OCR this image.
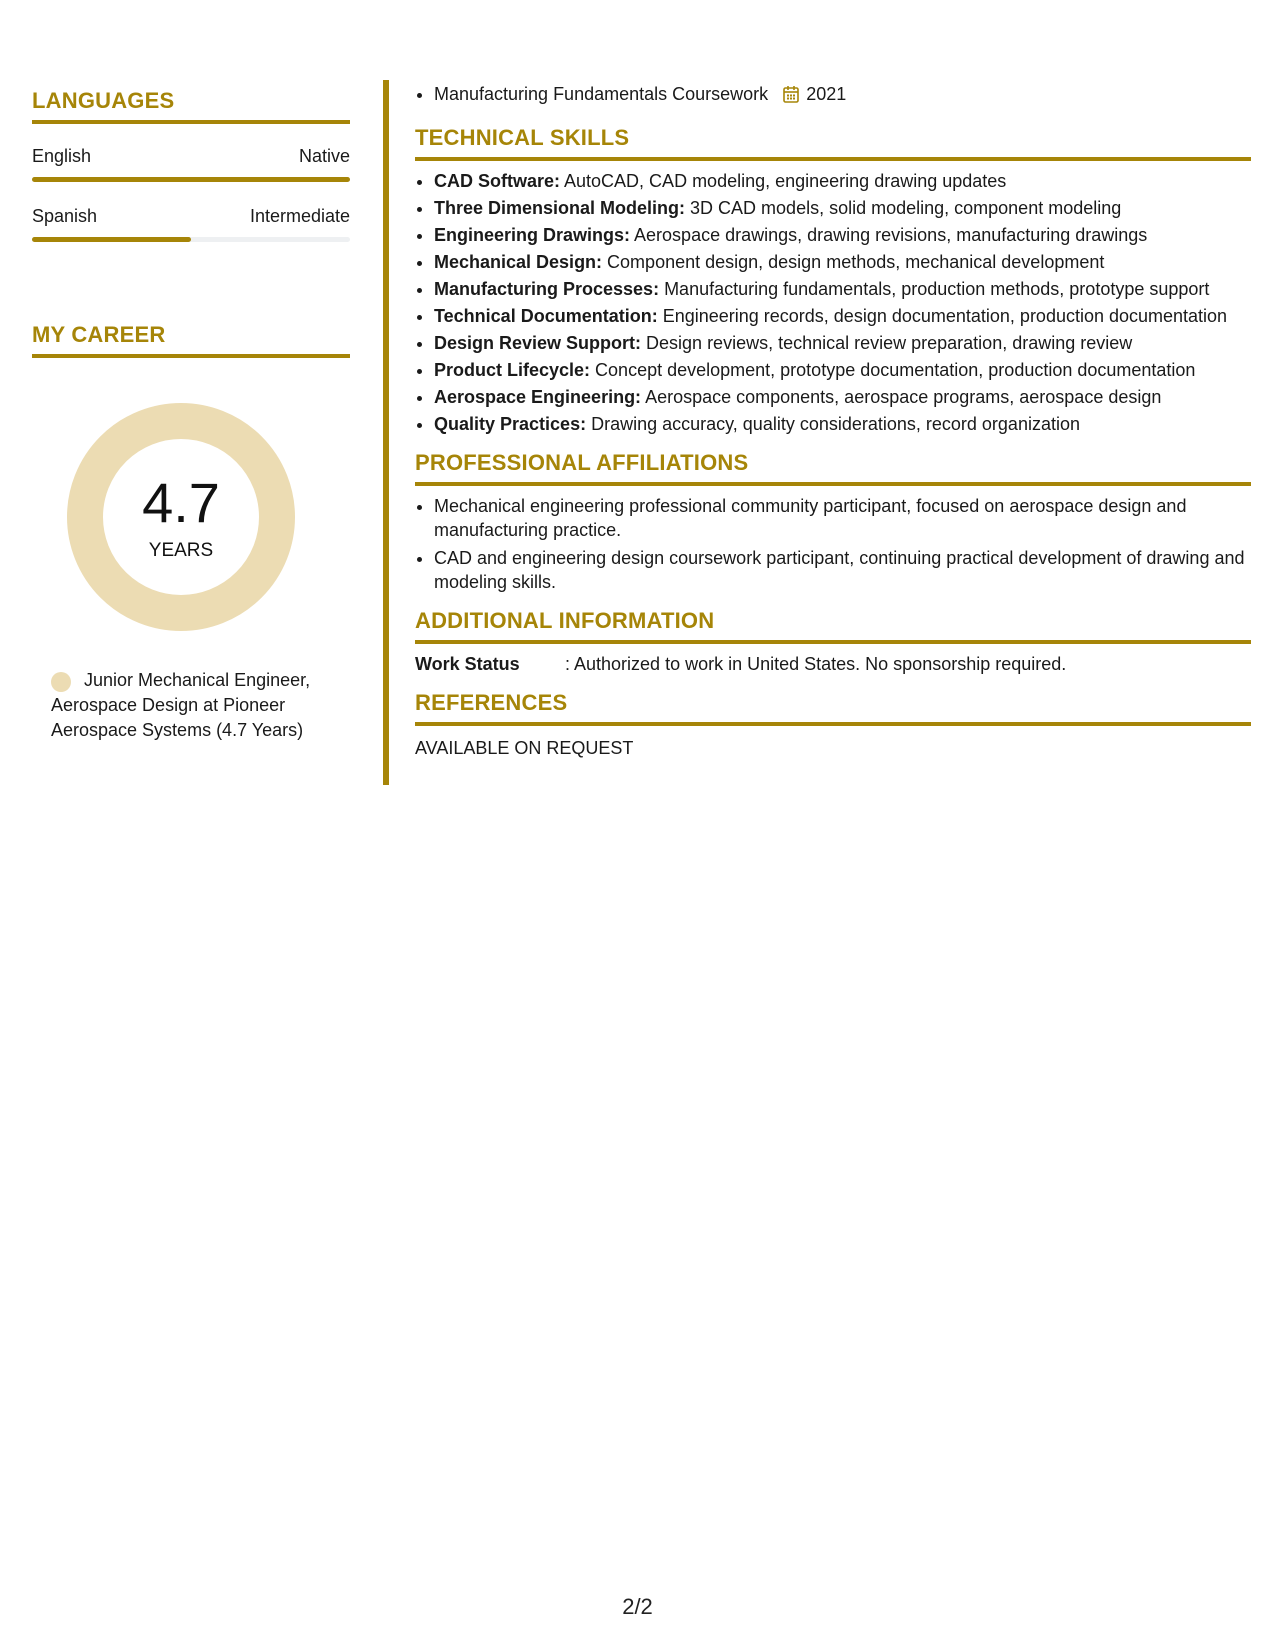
LANGUAGES
English	Native
Spanish	Intermediate
MY CAREER
4.7
YEARS
Junior Mechanical Engineer, Aerospace Design at Pioneer Aerospace Systems (4.7 Years)
• Manufacturing Fundamentals Coursework 2021
TECHNICAL SKILLS
• CAD Software: AutoCAD, CAD modeling, engineering drawing updates
• Three Dimensional Modeling: 3D CAD models, solid modeling, component modeling
• Engineering Drawings: Aerospace drawings, drawing revisions, manufacturing drawings
• Mechanical Design: Component design, design methods, mechanical development
• Manufacturing Processes: Manufacturing fundamentals, production methods, prototype support
• Technical Documentation: Engineering records, design documentation, production documentation
• Design Review Support: Design reviews, technical review preparation, drawing review
• Product Lifecycle: Concept development, prototype documentation, production documentation
• Aerospace Engineering: Aerospace components, aerospace programs, aerospace design
• Quality Practices: Drawing accuracy, quality considerations, record organization
PROFESSIONAL AFFILIATIONS
• Mechanical engineering professional community participant, focused on aerospace design and manufacturing practice.
• CAD and engineering design coursework participant, continuing practical development of drawing and modeling skills.
ADDITIONAL INFORMATION
Work Status	: Authorized to work in United States. No sponsorship required.
REFERENCES
AVAILABLE ON REQUEST
2/2
